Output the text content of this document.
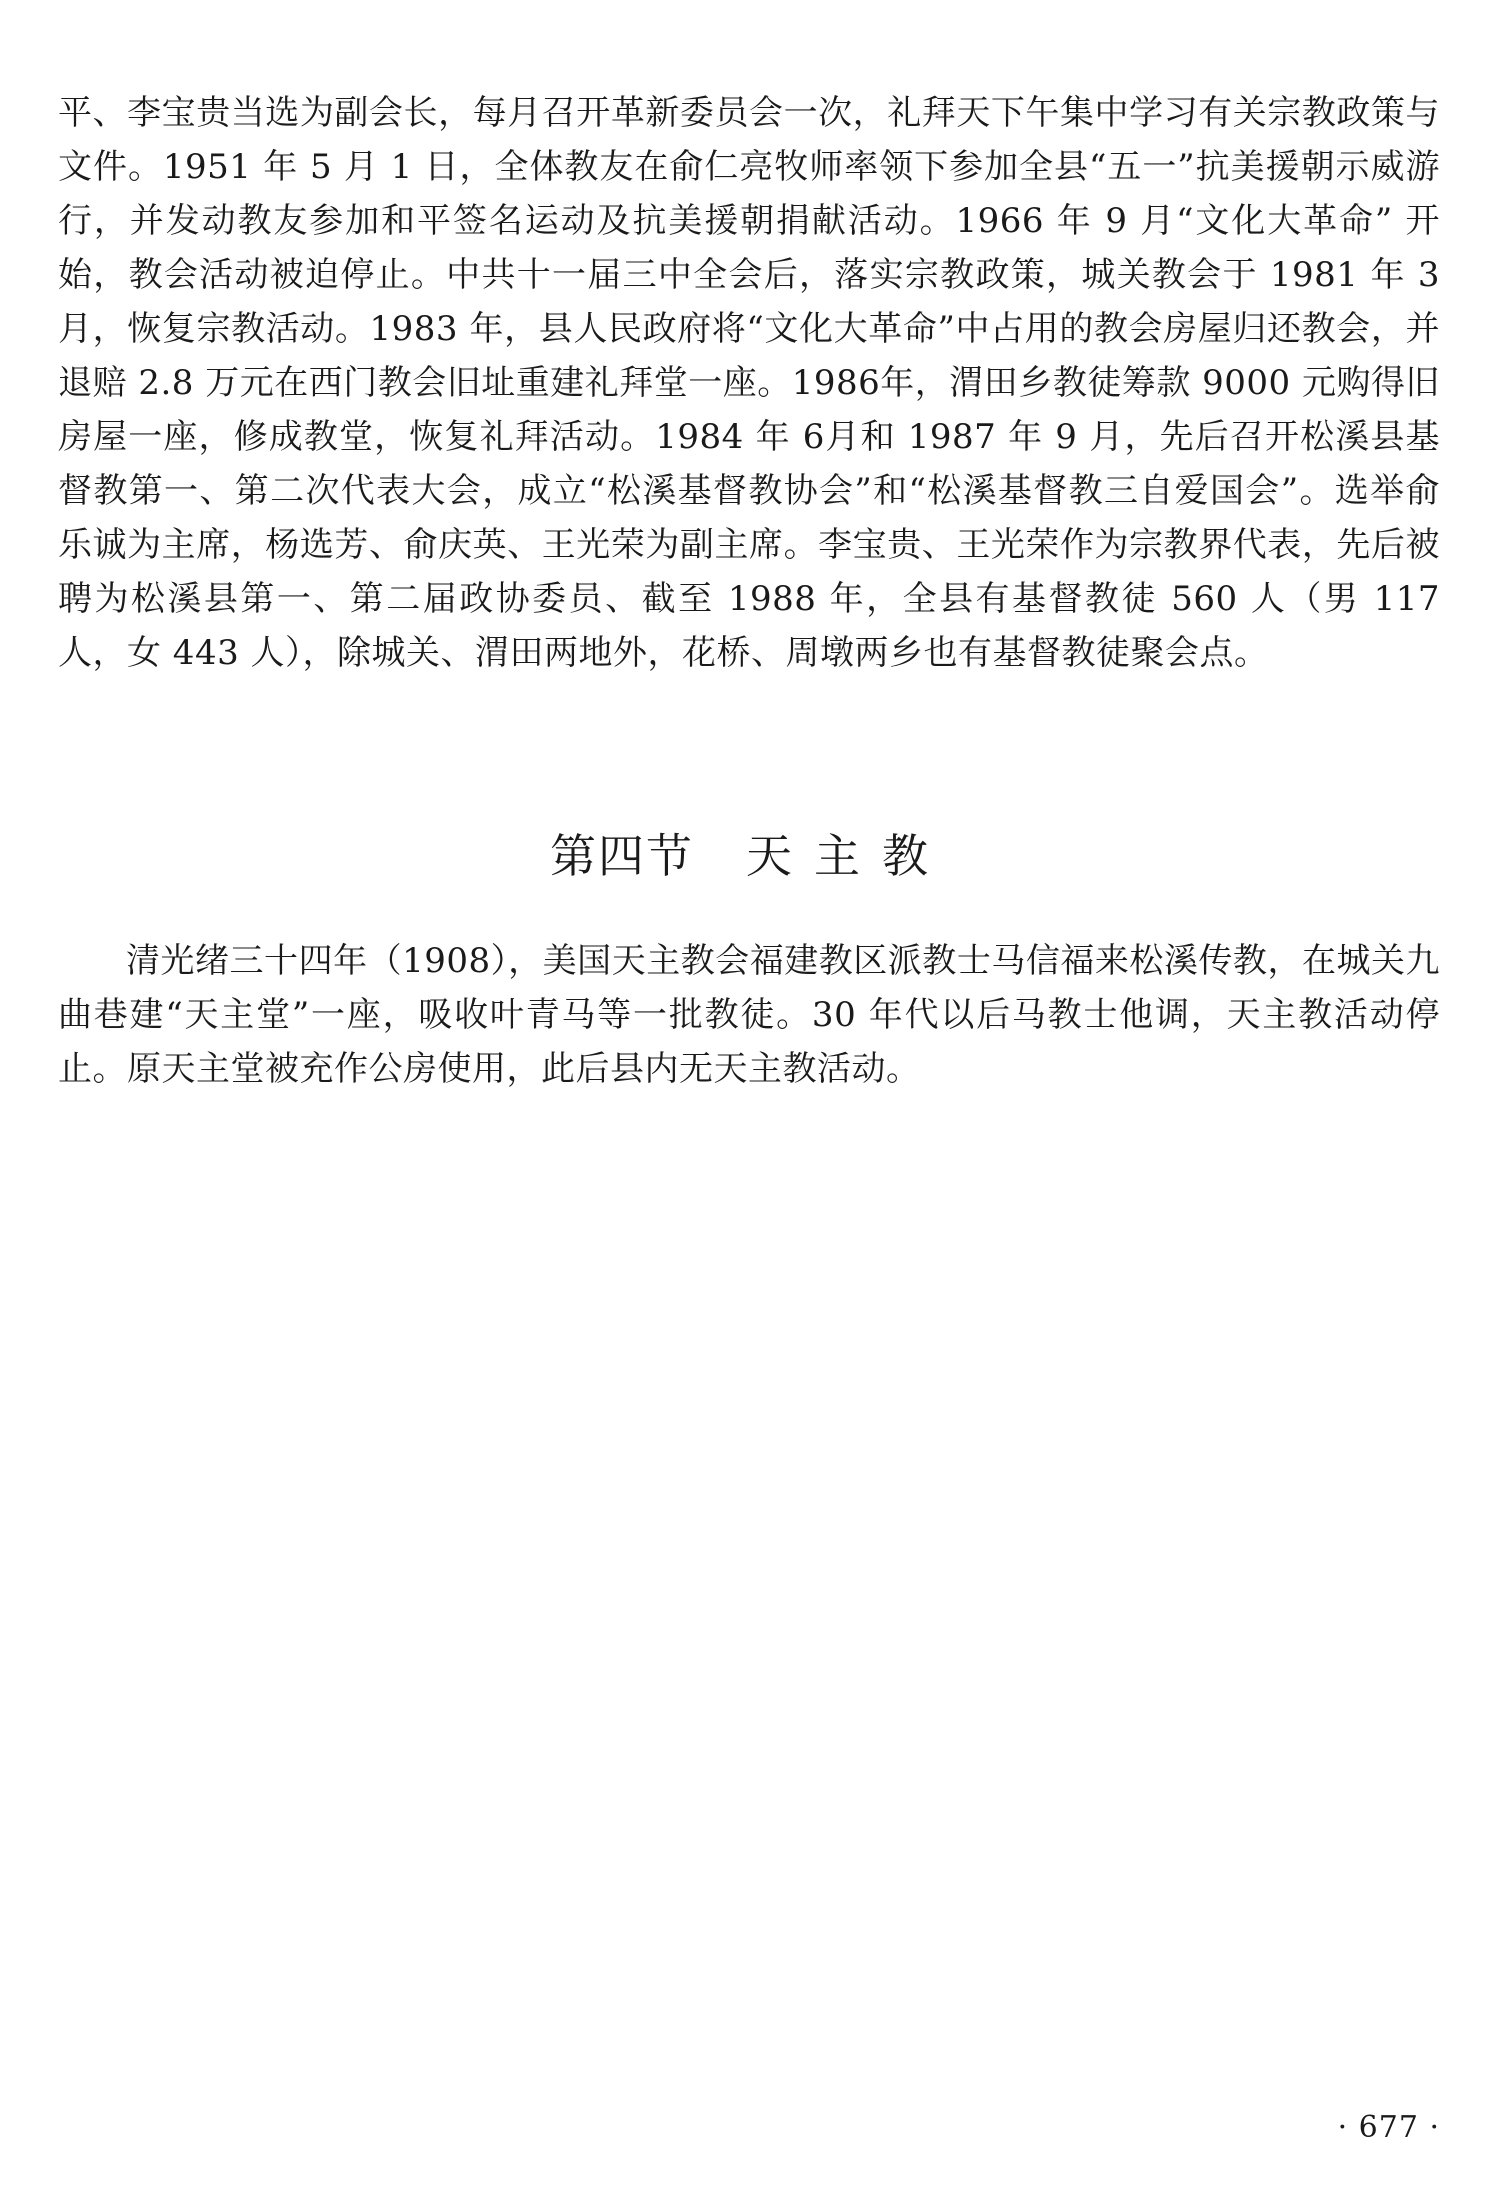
平、李宝贵当选为副会长，每月召开革新委员会一次，礼拜天下午集中学习有关宗教政策与文件。1951 年 5 月 1 日，全体教友在俞仁亮牧师率领下参加全县“五一”抗美援朝示威游行，并发动教友参加和平签名运动及抗美援朝捐献活动。1966 年 9 月“文化大革命” 开始，教会活动被迫停止。中共十一届三中全会后，落实宗教政策，城关教会于 1981 年 3 月，恢复宗教活动。1983 年，县人民政府将“文化大革命”中占用的教会房屋归还教会，并退赔 2.8 万元在西门教会旧址重建礼拜堂一座。1986年，渭田乡教徒筹款 9000 元购得旧房屋一座，修成教堂，恢复礼拜活动。1984 年 6月和 1987 年 9 月，先后召开松溪县基督教第一、第二次代表大会，成立“松溪基督教协会”和“松溪基督教三自爱国会”。选举俞乐诚为主席，杨选芳、俞庆英、王光荣为副主席。李宝贵、王光荣作为宗教界代表，先后被聘为松溪县第一、第二届政协委员、截至 1988 年，全县有基督教徒 560 人（男 117 人，女 443 人），除城关、渭田两地外，花桥、周墩两乡也有基督教徒聚会点。

第四节 天主教

清光绪三十四年（1908），美国天主教会福建教区派教士马信福来松溪传教，在城关九曲巷建“天主堂”一座，吸收叶青马等一批教徒。30 年代以后马教士他调，天主教活动停止。原天主堂被充作公房使用，此后县内无天主教活动。

· 677 ·
